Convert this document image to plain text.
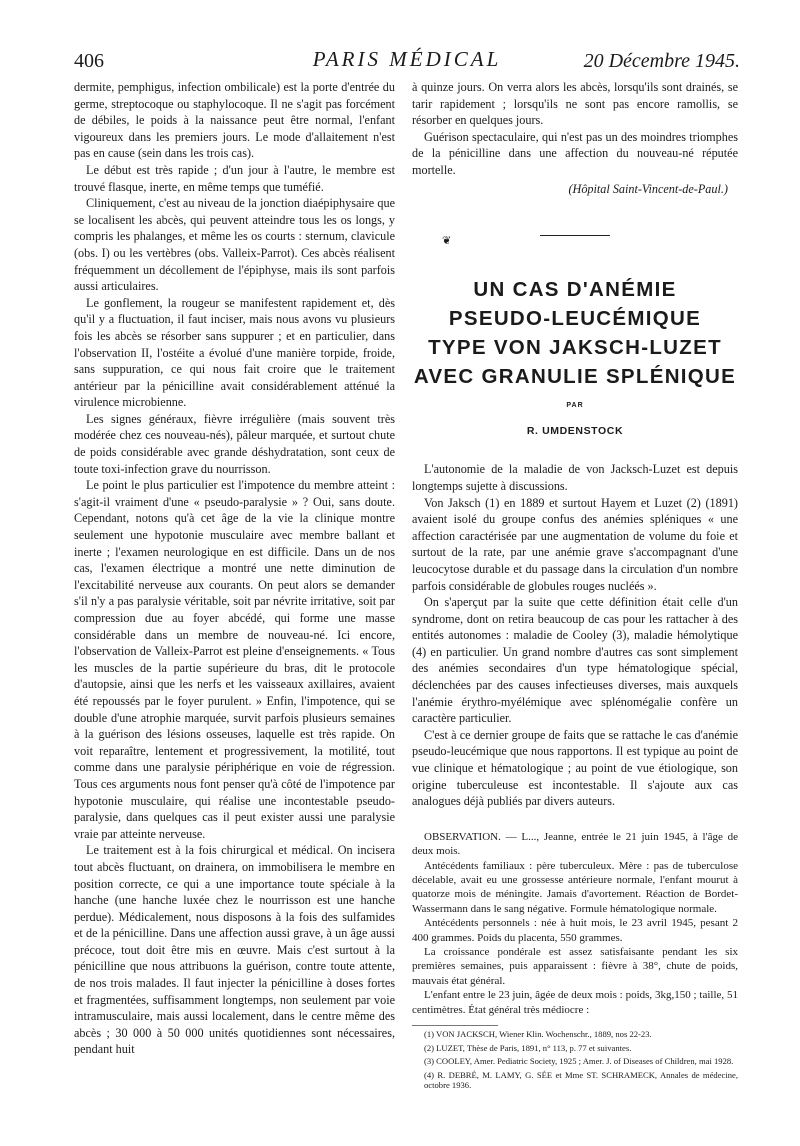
406	PARIS MÉDICAL	20 Décembre 1945.

dermite, pemphigus, infection ombilicale) est la porte d'entrée du germe, streptocoque ou staphylocoque. Il ne s'agit pas forcément de débiles, le poids à la naissance peut être normal, l'enfant vigoureux dans les premiers jours. Le mode d'allaitement n'est pas en cause (sein dans les trois cas).

Le début est très rapide ; d'un jour à l'autre, le membre est trouvé flasque, inerte, en même temps que tuméfié.

Cliniquement, c'est au niveau de la jonction diaépiphysaire que se localisent les abcès, qui peuvent atteindre tous les os longs, y compris les phalanges, et même les os courts : sternum, clavicule (obs. I) ou les vertèbres (obs. Valleix-Parrot). Ces abcès réalisent fréquemment un décollement de l'épiphyse, mais ils sont parfois aussi articulaires.

Le gonflement, la rougeur se manifestent rapidement et, dès qu'il y a fluctuation, il faut inciser, mais nous avons vu plusieurs fois les abcès se résorber sans suppurer ; et en particulier, dans l'observation II, l'ostéite a évolué d'une manière torpide, froide, sans suppuration, ce qui nous fait croire que le traitement antérieur par la pénicilline avait considérablement atténué la virulence microbienne.

Les signes généraux, fièvre irrégulière (mais souvent très modérée chez ces nouveau-nés), pâleur marquée, et surtout chute de poids considérable avec grande déshydratation, sont ceux de toute toxi-infection grave du nourrisson.

Le point le plus particulier est l'impotence du membre atteint : s'agit-il vraiment d'une « pseudo-paralysie » ? Oui, sans doute. Cependant, notons qu'à cet âge de la vie la clinique montre seulement une hypotonie musculaire avec membre ballant et inerte ; l'examen neurologique en est difficile. Dans un de nos cas, l'examen électrique a montré une nette diminution de l'excitabilité nerveuse aux courants. On peut alors se demander s'il n'y a pas paralysie véritable, soit par névrite irritative, soit par compression due au foyer abcédé, qui forme une masse considérable dans un membre de nouveau-né. Ici encore, l'observation de Valleix-Parrot est pleine d'enseignements. « Tous les muscles de la partie supérieure du bras, dit le protocole d'autopsie, ainsi que les nerfs et les vaisseaux axillaires, avaient été repoussés par le foyer purulent. » Enfin, l'impotence, qui se double d'une atrophie marquée, survit parfois plusieurs semaines à la guérison des lésions osseuses, laquelle est très rapide. On voit reparaître, lentement et progressivement, la motilité, tout comme dans une paralysie périphérique en voie de régression. Tous ces arguments nous font penser qu'à côté de l'impotence par hypotonie musculaire, qui réalise une incontestable pseudo-paralysie, dans quelques cas il peut exister aussi une paralysie vraie par atteinte nerveuse.

Le traitement est à la fois chirurgical et médical. On incisera tout abcès fluctuant, on drainera, on immobilisera le membre en position correcte, ce qui a une importance toute spéciale à la hanche (une hanche luxée chez le nourrisson est une hanche perdue). Médicalement, nous disposons à la fois des sulfamides et de la pénicilline. Dans une affection aussi grave, à un âge aussi précoce, tout doit être mis en œuvre. Mais c'est surtout à la pénicilline que nous attribuons la guérison, contre toute attente, de nos trois malades. Il faut injecter la pénicilline à doses fortes et fragmentées, suffisamment longtemps, non seulement par voie intramusculaire, mais aussi localement, dans le centre même des abcès ; 30 000 à 50 000 unités quotidiennes sont nécessaires, pendant huit

à quinze jours. On verra alors les abcès, lorsqu'ils sont drainés, se tarir rapidement ; lorsqu'ils ne sont pas encore ramollis, se résorber en quelques jours.

Guérison spectaculaire, qui n'est pas un des moindres triomphes de la pénicilline dans une affection du nouveau-né réputée mortelle.

(Hôpital Saint-Vincent-de-Paul.)
❦
UN CAS D'ANÉMIE
PSEUDO-LEUCÉMIQUE
TYPE VON JAKSCH-LUZET
AVEC GRANULIE SPLÉNIQUE
PAR
R. UMDENSTOCK

L'autonomie de la maladie de von Jacksch-Luzet est depuis longtemps sujette à discussions.

Von Jaksch (1) en 1889 et surtout Hayem et Luzet (2) (1891) avaient isolé du groupe confus des anémies spléniques « une affection caractérisée par une augmentation de volume du foie et surtout de la rate, par une anémie grave s'accompagnant d'une leucocytose durable et du passage dans la circulation d'un nombre parfois considérable de globules rouges nucléés ».

On s'aperçut par la suite que cette définition était celle d'un syndrome, dont on retira beaucoup de cas pour les rattacher à des entités autonomes : maladie de Cooley (3), maladie hémolytique (4) en particulier. Un grand nombre d'autres cas sont simplement des anémies secondaires d'un type hématologique spécial, déclenchées par des causes infectieuses diverses, mais auxquels l'anémie érythro-myélémique avec splénomégalie confère un caractère particulier.

C'est à ce dernier groupe de faits que se rattache le cas d'anémie pseudo-leucémique que nous rapportons. Il est typique au point de vue clinique et hématologique ; au point de vue étiologique, son origine tuberculeuse est incontestable. Il s'ajoute aux cas analogues déjà publiés par divers auteurs.

OBSERVATION. — L..., Jeanne, entrée le 21 juin 1945, à l'âge de deux mois.

Antécédents familiaux : père tuberculeux. Mère : pas de tuberculose décelable, avait eu une grossesse antérieure normale, l'enfant mourut à quatorze mois de méningite. Jamais d'avortement. Réaction de Bordet-Wassermann dans le sang négative. Formule hématologique normale.

Antécédents personnels : née à huit mois, le 23 avril 1945, pesant 2 400 grammes. Poids du placenta, 550 grammes.

La croissance pondérale est assez satisfaisante pendant les six premières semaines, puis apparaissent : fièvre à 38°, chute de poids, mauvais état général.

L'enfant entre le 23 juin, âgée de deux mois : poids, 3kg,150 ; taille, 51 centimètres. État général très médiocre :

(1) VON JACKSCH, Wiener Klin. Wochenschr., 1889, nos 22-23.

(2) LUZET, Thèse de Paris, 1891, n° 113, p. 77 et suivantes.

(3) COOLEY, Amer. Pediatric Society, 1925 ; Amer. J. of Diseases of Children, mai 1928.

(4) R. DEBRÉ, M. LAMY, G. SÉE et Mme ST. SCHRAMECK, Annales de médecine, octobre 1936.
